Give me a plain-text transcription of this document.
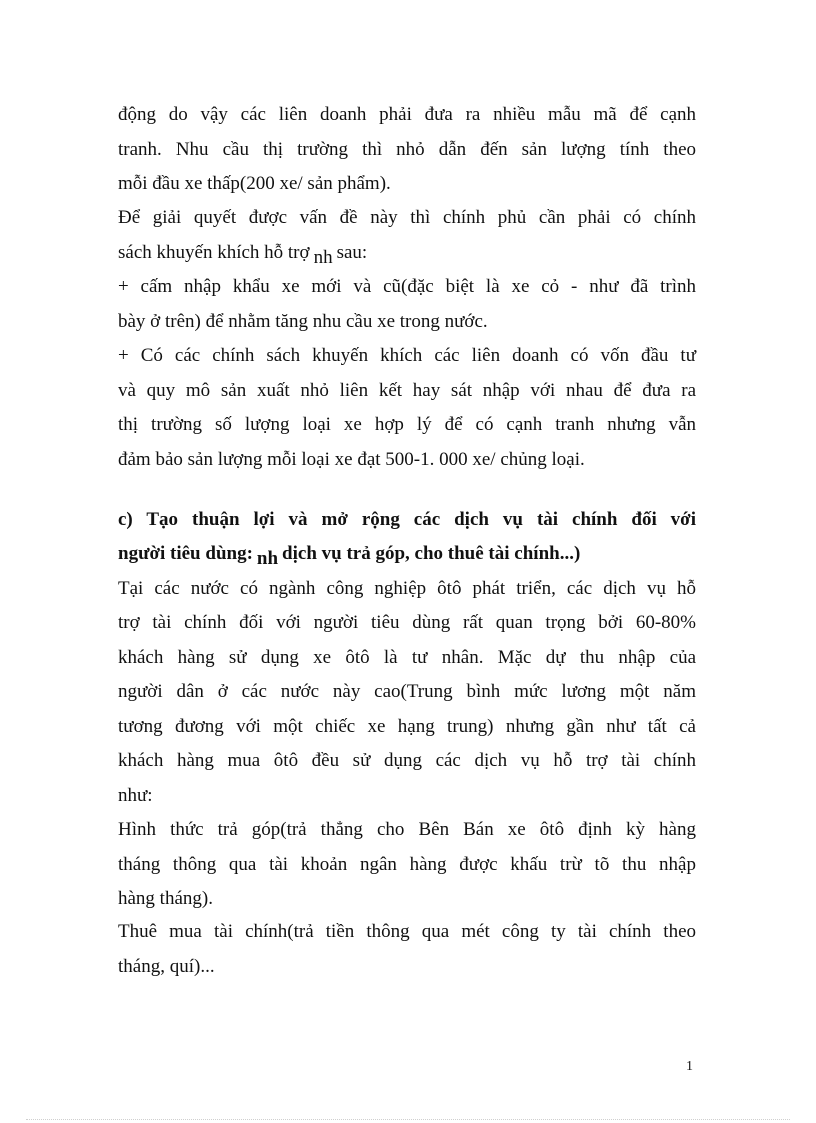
động do vậy các liên doanh phải đưa ra nhiều mẫu mã để cạnh
tranh. Nhu cầu thị trường thì nhỏ dẫn đến sản lượng tính theo
mỗi đầu xe thấp(200 xe/ sản phẩm).
Để giải quyết được vấn đề này thì chính phủ cần phải có chính
sách khuyến khích hỗ trợ nh sau:
+ cấm nhập khẩu xe mới và cũ(đặc biệt là xe cỏ - như đã trình
bày ở trên) để nhằm tăng nhu cầu xe trong nước.
+ Có các chính sách khuyến khích các liên doanh có vốn đầu tư
và quy mô sản xuất nhỏ liên kết hay sát nhập với nhau để đưa ra
thị trường số lượng loại xe hợp lý để có cạnh tranh nhưng vẫn
đảm bảo sản lượng mỗi loại xe đạt 500-1. 000 xe/ chủng loại.
c) Tạo thuận lợi và mở rộng các dịch vụ tài chính đối với
người tiêu dùng: nh dịch vụ trả góp, cho thuê tài chính...)
Tại các nước có ngành công nghiệp ôtô phát triển, các dịch vụ hỗ
trợ tài chính đối với người tiêu dùng rất quan trọng bởi 60-80%
khách hàng sử dụng xe ôtô là tư nhân. Mặc dự thu nhập của
người dân ở các nước này cao(Trung bình mức lương một năm
tương đương với một chiếc xe hạng trung) nhưng gần như tất cả
khách hàng mua ôtô đều sử dụng các dịch vụ hỗ trợ tài chính
như:
Hình thức trả góp(trả thẳng cho Bên Bán xe ôtô định kỳ hàng
tháng thông qua tài khoản ngân hàng được khấu trừ tõ thu nhập
hàng tháng).
Thuê mua tài chính(trả tiền thông qua mét công ty tài chính theo
tháng, quí)...
1
